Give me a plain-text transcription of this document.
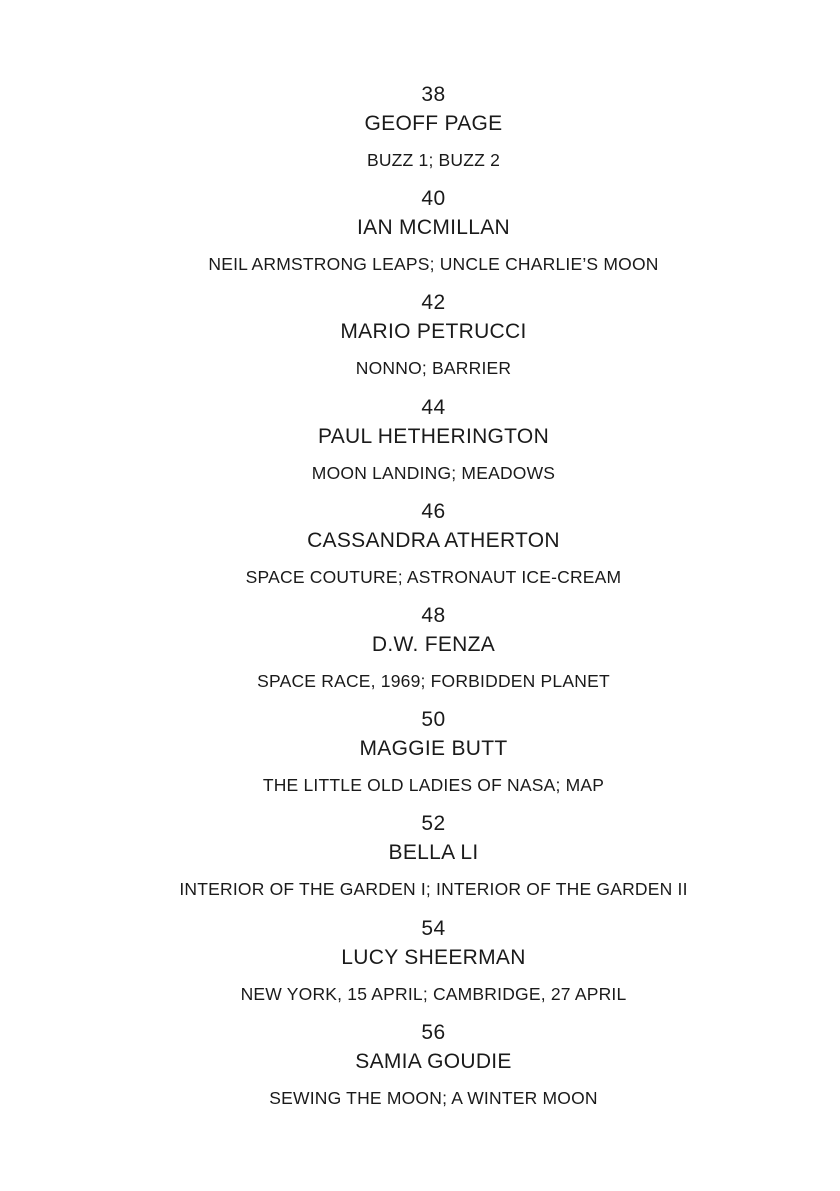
38
GEOFF PAGE
BUZZ 1; BUZZ 2
40
IAN MCMILLAN
NEIL ARMSTRONG LEAPS; UNCLE CHARLIE’S MOON
42
MARIO PETRUCCI
NONNO; BARRIER
44
PAUL HETHERINGTON
MOON LANDING; MEADOWS
46
CASSANDRA ATHERTON
SPACE COUTURE; ASTRONAUT ICE-CREAM
48
D.W. FENZA
SPACE RACE, 1969; FORBIDDEN PLANET
50
MAGGIE BUTT
THE LITTLE OLD LADIES OF NASA; MAP
52
BELLA LI
INTERIOR OF THE GARDEN I; INTERIOR OF THE GARDEN II
54
LUCY SHEERMAN
NEW YORK, 15 APRIL; CAMBRIDGE, 27 APRIL
56
SAMIA GOUDIE
SEWING THE MOON; A WINTER MOON
